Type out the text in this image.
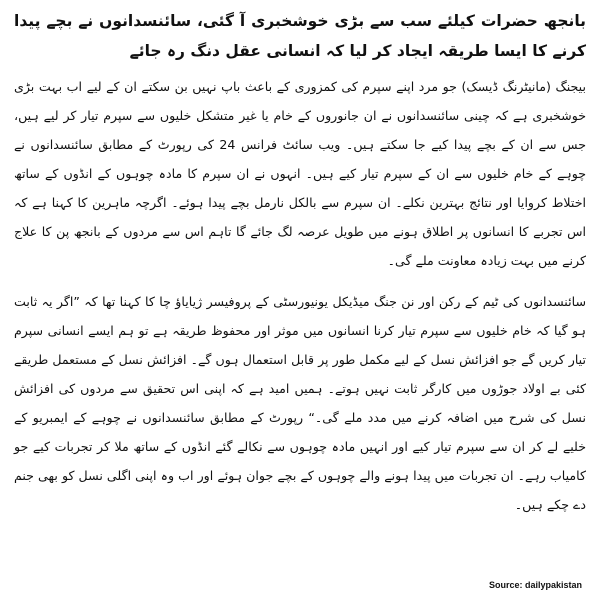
بانجھ حضرات کیلئے سب سے بڑی خوشخبری آ گئی، سائنسدانوں نے بچے پیدا کرنے کا ایسا طریقہ ایجاد کر لیا کہ انسانی عقل دنگ رہ جائے
بیجنگ (مانیٹرنگ ڈیسک) جو مرد اپنے سپرم کی کمزوری کے باعث باپ نہیں بن سکتے ان کے لیے اب بہت بڑی خوشخبری ہے کہ چینی سائنسدانوں نے ان جانوروں کے خام یا غیر متشکل خلیوں سے سپرم تیار کر لیے ہیں، جس سے ان کے بچے پیدا کیے جا سکتے ہیں۔ ویب سائٹ فرانس 24 کی رپورٹ کے مطابق سائنسدانوں نے چوہے کے خام خلیوں سے ان کے سپرم تیار کیے ہیں۔ انہوں نے ان سپرم کا مادہ چوہوں کے انڈوں کے ساتھ اختلاط کروایا اور نتائج بہترین نکلے۔ ان سپرم سے بالکل نارمل بچے پیدا ہوئے۔ اگرچہ ماہرین کا کہنا ہے کہ اس تجربے کا انسانوں پر اطلاق ہونے میں طویل عرصہ لگ جائے گا تاہم اس سے مردوں کے بانجھ پن کا علاج کرنے میں بہت زیادہ معاونت ملے گی۔
سائنسدانوں کی ٹیم کے رکن اور نن جنگ میڈیکل یونیورسٹی کے پروفیسر ژیایاؤ چا کا کہنا تھا کہ ”اگر یہ ثابت ہو گیا کہ خام خلیوں سے سپرم تیار کرنا انسانوں میں موثر اور محفوظ طریقہ ہے تو ہم ایسے انسانی سپرم تیار کریں گے جو افزائش نسل کے لیے مکمل طور پر قابل استعمال ہوں گے۔ افزائش نسل کے مستعمل طریقے کئی بے اولاد جوڑوں میں کارگر ثابت نہیں ہوتے۔ ہمیں امید ہے کہ اپنی اس تحقیق سے مردوں کی افزائش نسل کی شرح میں اضافہ کرنے میں مدد ملے گی۔“ رپورٹ کے مطابق سائنسدانوں نے چوہے کے ایمبریو کے خلیے لے کر ان سے سپرم تیار کیے اور انہیں مادہ چوہوں سے نکالے گئے انڈوں کے ساتھ ملا کر تجربات کیے جو کامیاب رہے۔ ان تجربات میں پیدا ہونے والے چوہوں کے بچے جوان ہوئے اور اب وہ اپنی اگلی نسل کو بھی جنم دے چکے ہیں۔
Source: dailypakistan
